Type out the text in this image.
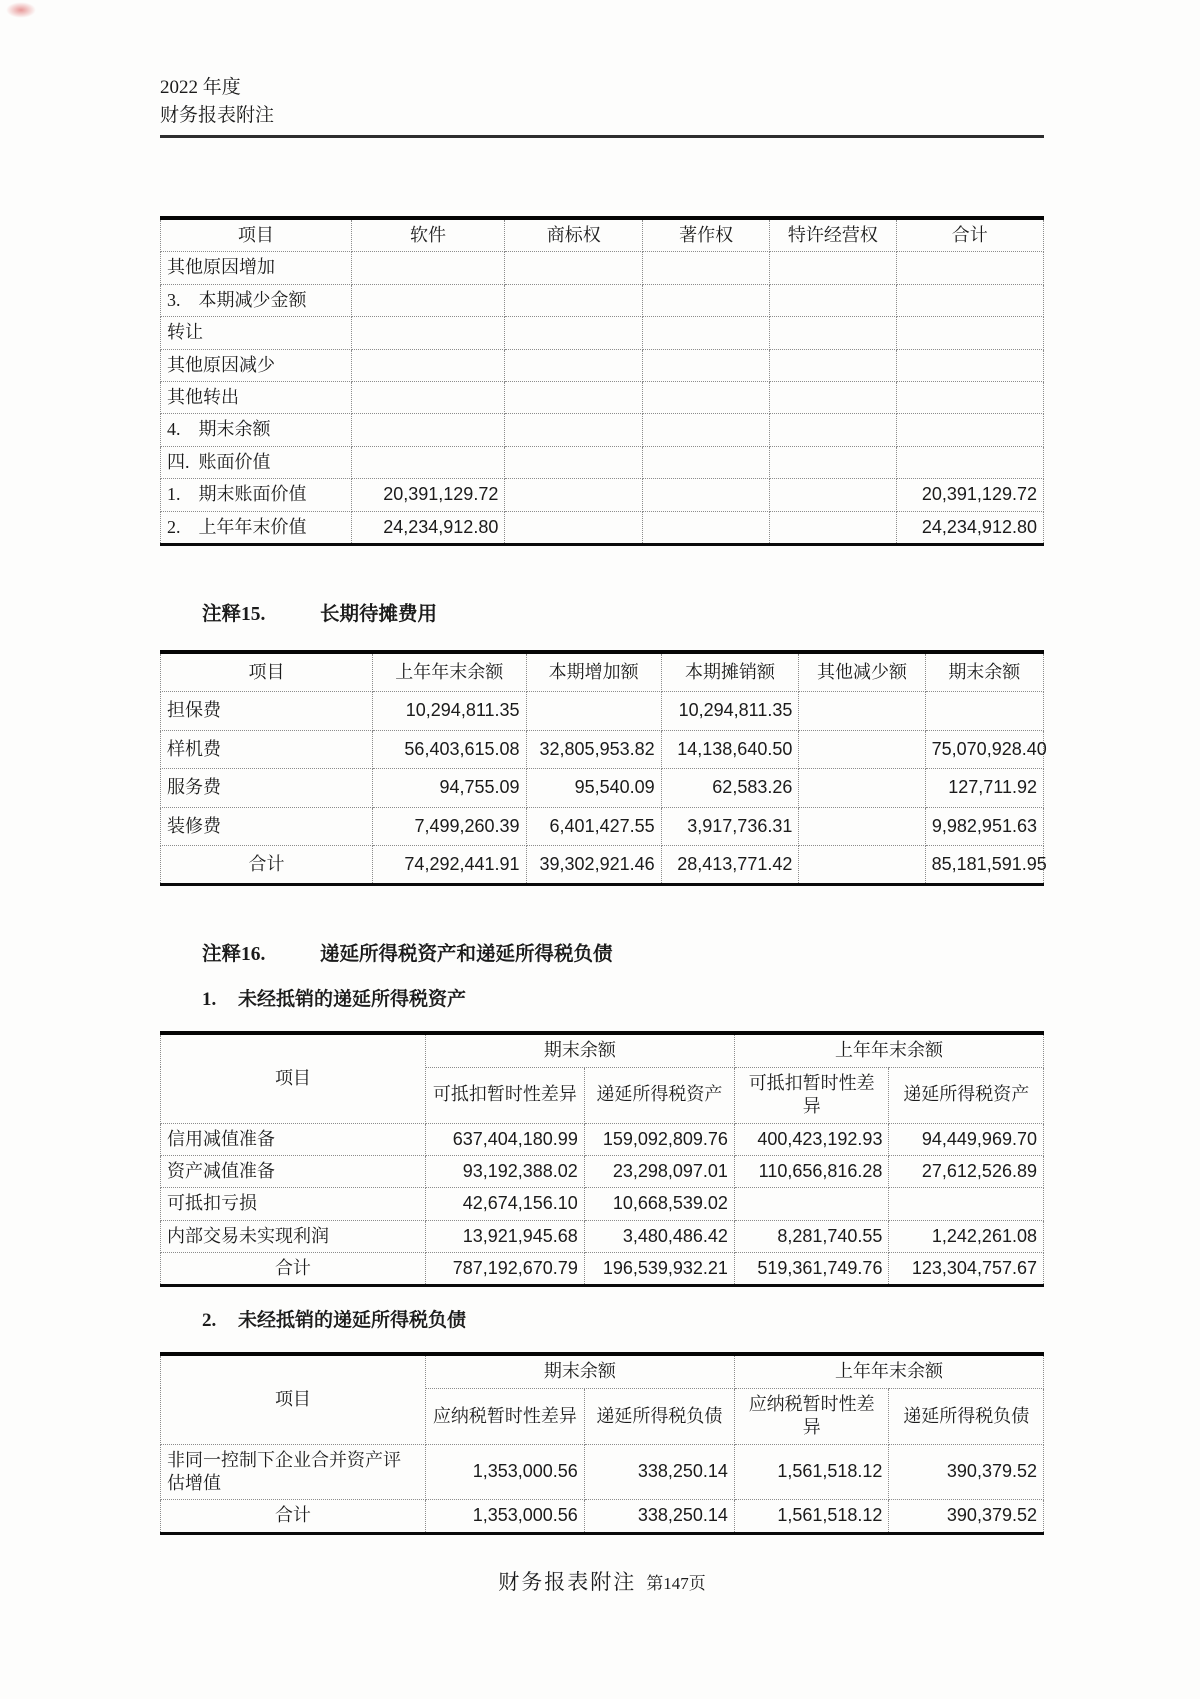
2022 年度
财务报表附注
项目	软件	商标权	著作权	特许经营权	合计
其他原因增加					
3.    本期减少金额					
转让					
其他原因减少					
其他转出					
4.    期末余额					
四.  账面价值					
1.    期末账面价值	20,391,129.72				20,391,129.72
2.    上年年末价值	24,234,912.80				24,234,912.80
注释15.	长期待摊费用
项目	上年年末余额	本期增加额	本期摊销额	其他减少额	期末余额
担保费	10,294,811.35		10,294,811.35		
样机费	56,403,615.08	32,805,953.82	14,138,640.50		75,070,928.40
服务费	94,755.09	95,540.09	62,583.26		127,711.92
装修费	7,499,260.39	6,401,427.55	3,917,736.31		9,982,951.63
合计	74,292,441.91	39,302,921.46	28,413,771.42		85,181,591.95
注释16.	递延所得税资产和递延所得税负债
1. 未经抵销的递延所得税资产
项目	期末余额		上年年末余额	
	可抵扣暂时性差异	递延所得税资产	可抵扣暂时性差异	递延所得税资产
信用减值准备	637,404,180.99	159,092,809.76	400,423,192.93	94,449,969.70
资产减值准备	93,192,388.02	23,298,097.01	110,656,816.28	27,612,526.89
可抵扣亏损	42,674,156.10	10,668,539.02		
内部交易未实现利润	13,921,945.68	3,480,486.42	8,281,740.55	1,242,261.08
合计	787,192,670.79	196,539,932.21	519,361,749.76	123,304,757.67
2. 未经抵销的递延所得税负债
项目	期末余额		上年年末余额	
	应纳税暂时性差异	递延所得税负债	应纳税暂时性差异	递延所得税负债
非同一控制下企业合并资产评估增值	1,353,000.56	338,250.14	1,561,518.12	390,379.52
合计	1,353,000.56	338,250.14	1,561,518.12	390,379.52
财务报表附注 第147页
